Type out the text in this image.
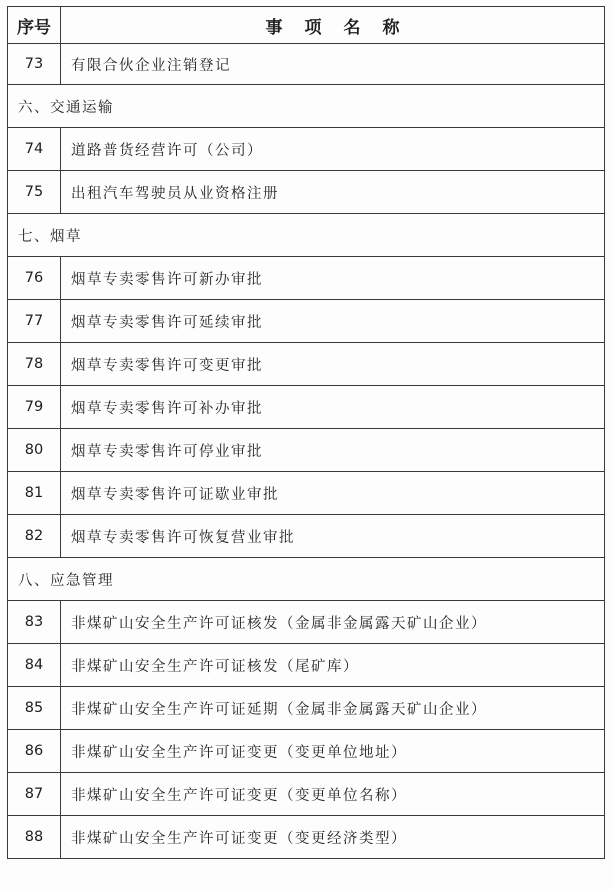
序号	事项名称
73	有限合伙企业注销登记
六、交通运输	
74	道路普货经营许可（公司）
75	出租汽车驾驶员从业资格注册
七、烟草	
76	烟草专卖零售许可新办审批
77	烟草专卖零售许可延续审批
78	烟草专卖零售许可变更审批
79	烟草专卖零售许可补办审批
80	烟草专卖零售许可停业审批
81	烟草专卖零售许可证歇业审批
82	烟草专卖零售许可恢复营业审批
八、应急管理	
83	非煤矿山安全生产许可证核发（金属非金属露天矿山企业）
84	非煤矿山安全生产许可证核发（尾矿库）
85	非煤矿山安全生产许可证延期（金属非金属露天矿山企业）
86	非煤矿山安全生产许可证变更（变更单位地址）
87	非煤矿山安全生产许可证变更（变更单位名称）
88	非煤矿山安全生产许可证变更（变更经济类型）
